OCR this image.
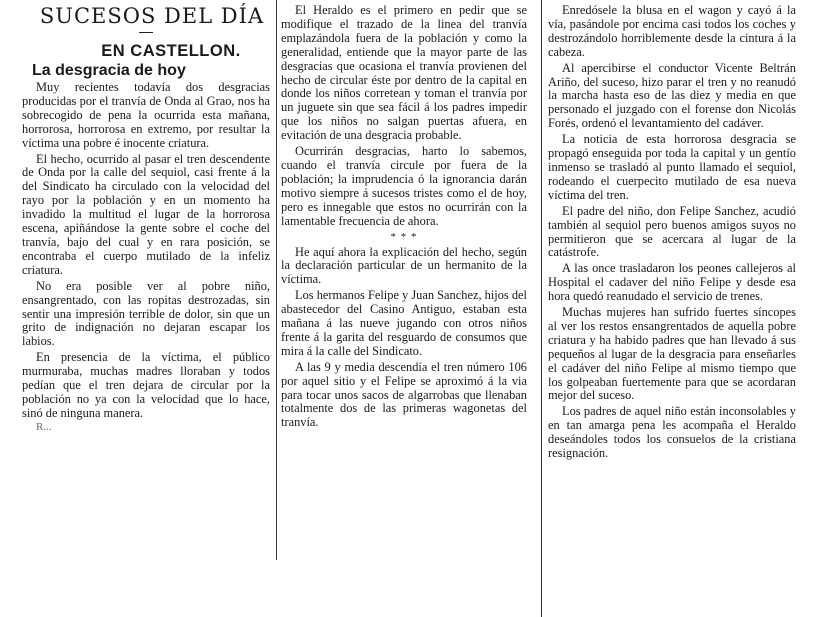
SUCESOS DEL DÍA
EN CASTELLON.
La desgracia de hoy

Muy recientes todavía dos desgracias producidas por el tranvía de Onda al Grao, nos ha sobrecogido de pena la ocurrida esta mañana, horrorosa, horrorosa en extremo, por resultar la víctima una pobre é inocente criatura.

El hecho, ocurrido al pasar el tren descendente de Onda por la calle del sequiol, casi frente á la del Sindicato ha circulado con la velocidad del rayo por la población y en un momento ha invadido la multitud el lugar de la horrorosa escena, apiñándose la gente sobre el coche del tranvía, bajo del cual y en rara posición, se encontraba el cuerpo mutilado de la infeliz criatura.

No era posible ver al pobre niño, ensangrentado, con las ropitas destrozadas, sin sentir una impresión terrible de dolor, sin que un grito de indignación no dejaran escapar los labios.

En presencia de la víctima, el público murmuraba, muchas madres lloraban y todos pedían que el tren dejara de circular por la población no ya con la velocidad que lo hace, sinó de ninguna manera.

R...

El Heraldo es el primero en pedir que se modifique el trazado de la linea del tranvía emplazándola fuera de la población y como la generalidad, entiende que la mayor parte de las desgracias que ocasiona el tranvía provienen del hecho de circular éste por dentro de la capital en donde los niños corretean y toman el tranvía por un juguete sin que sea fácil á los padres impedir que los niños no salgan puertas afuera, en evitación de una desgracia probable.

Ocurrirán desgracias, harto lo sabemos, cuando el tranvía circule por fuera de la población; la imprudencia ó la ignorancia darán motivo siempre á sucesos tristes como el de hoy, pero es innegable que estos no ocurrirán con la lamentable frecuencia de ahora.

* * *

He aquí ahora la explicación del hecho, según la declaración particular de un hermanito de la víctima.

Los hermanos Felipe y Juan Sanchez, hijos del abastecedor del Casino Antiguo, estaban esta mañana á las nueve jugando con otros niños frente á la garita del resguardo de consumos que mira á la calle del Sindicato.

A las 9 y media descendía el tren número 106 por aquel sitio y el Felipe se aproximó á la via para tocar unos sacos de algarrobas que llenaban totalmente dos de las primeras wagonetas del tranvía.

Enredósele la blusa en el wagon y cayó á la vía, pasándole por encima casi todos los coches y destrozándolo horriblemente desde la cintura á la cabeza.

Al apercibirse el conductor Vicente Beltrán Ariño, del suceso, hizo parar el tren y no reanudó la marcha hasta eso de las diez y media en que personado el juzgado con el forense don Nicolás Forés, ordenó el levantamiento del cadáver.

La noticia de esta horrorosa desgracia se propagó enseguida por toda la capital y un gentío inmenso se trasladó al punto llamado el sequiol, rodeando el cuerpecito mutilado de esa nueva víctima del tren.

El padre del niño, don Felipe Sanchez, acudió también al sequiol pero buenos amigos suyos no permitieron que se acercara al lugar de la catástrofe.

A las once trasladaron los peones callejeros al Hospital el cadaver del niño Felipe y desde esa hora quedó reanudado el servicio de trenes.

Muchas mujeres han sufrido fuertes síncopes al ver los restos ensangrentados de aquella pobre criatura y ha habido padres que han llevado á sus pequeños al lugar de la desgracia para enseñarles el cadáver del niño Felipe al mismo tiempo que los golpeaban fuertemente para que se acordaran mejor del suceso.

Los padres de aquel niño están inconsolables y en tan amarga pena les acompaña el Heraldo deseándoles todos los consuelos de la cristiana resignación.
